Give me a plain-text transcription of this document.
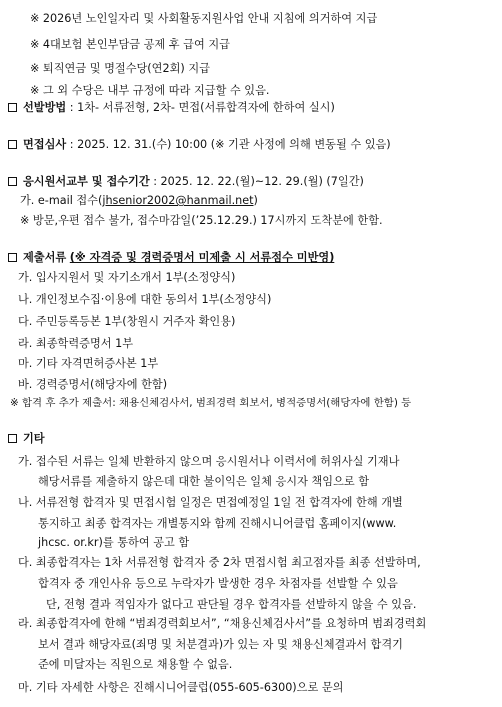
※ 2026년 노인일자리 및 사회활동지원사업 안내 지침에 의거하여 지급
※ 4대보험 본인부담금 공제 후 급여 지급
※ 퇴직연금 및 명절수당(연2회) 지급
※ 그 외 수당은 내부 규정에 따라 지급할 수 있음.
선발방법 : 1차- 서류전형, 2차- 면접(서류합격자에 한하여 실시)
면접심사 : 2025. 12. 31.(수) 10:00 (※ 기관 사정에 의해 변동될 수 있음)
응시원서교부 및 접수기간 : 2025. 12. 22.(월)~12. 29.(월) (7일간)
가. e-mail 접수(jhsenior2002@hanmail.net)
※ 방문,우편 접수 불가, 접수마감일(’25.12.29.) 17시까지 도착분에 한함.
제출서류 (※ 자격증 및 경력증명서 미제출 시 서류점수 미반영)
가. 입사지원서 및 자기소개서 1부(소정양식)
나. 개인정보수집·이용에 대한 동의서 1부(소정양식)
다. 주민등록등본 1부(창원시 거주자 확인용)
라. 최종학력증명서 1부
마. 기타 자격면허증사본 1부
바. 경력증명서(해당자에 한함)
※ 합격 후 추가 제출서: 채용신체검사서, 범죄경력 회보서, 병적증명서(해당자에 한함) 등
기타
가. 접수된 서류는 일체 반환하지 않으며 응시원서나 이력서에 허위사실 기재나
해당서류를 제출하지 않은데 대한 불이익은 일체 응시자 책임으로 함
나. 서류전형 합격자 및 면접시험 일정은 면접예정일 1일 전 합격자에 한해 개별
통지하고 최종 합격자는 개별통지와 함께 진해시니어클럽 홈페이지(www.
jhcsc. or.kr)를 통하여 공고 함
다. 최종합격자는 1차 서류전형 합격자 중 2차 면접시험 최고점자를 최종 선발하며,
합격자 중 개인사유 등으로 누락자가 발생한 경우 차점자를 선발할 수 있음
단, 전형 결과 적임자가 없다고 판단될 경우 합격자를 선발하지 않을 수 있음.
라. 최종합격자에 한해 “범죄경력회보서”, “채용신체검사서”를 요청하며 범죄경력회
보서 결과 해당자료(죄명 및 처분결과)가 있는 자 및 채용신체결과서 합격기
준에 미달자는 직원으로 채용할 수 없음.
마. 기타 자세한 사항은 진해시니어클럽(055-605-6300)으로 문의
